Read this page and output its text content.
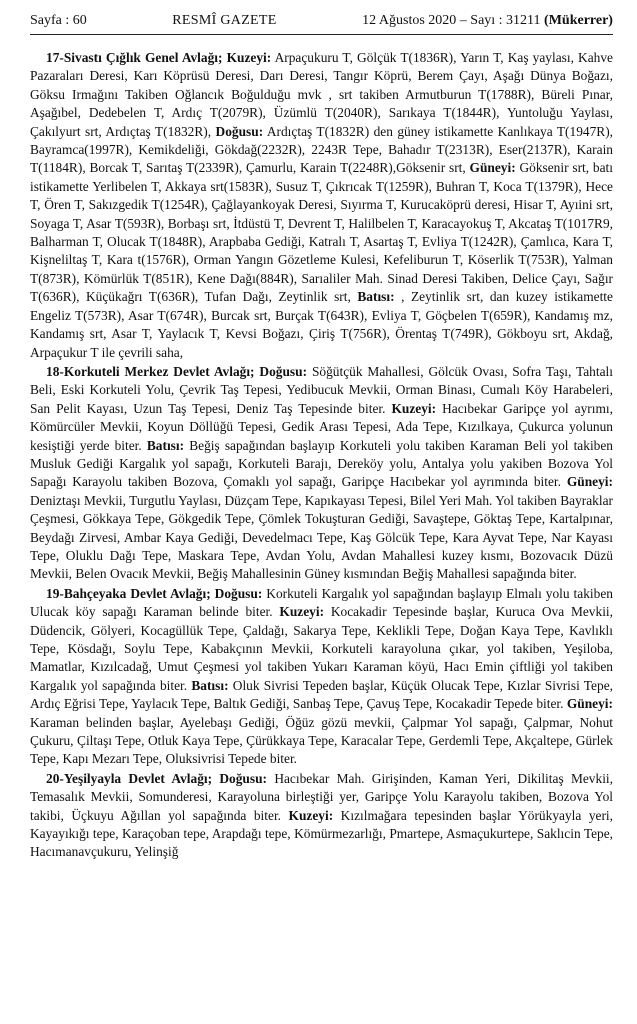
Sayfa : 60	RESMÎ GAZETE	12 Ağustos 2020 – Sayı : 31211 (Mükerrer)

17-Sivastı Çığlık Genel Avlağı; Kuzeyi: Arpaçukuru T, Gölçük T(1836R), Yarın T, Kaş yaylası, Kahve Pazaraları Deresi, Karı Köprüsü Deresi, Darı Deresi, Tangır Köprü, Berem Çayı, Aşağı Dünya Boğazı, Göksu Irmağını Takiben Oğlancık Boğulduğu mvk , srt takiben Armutburun T(1788R), Büreli Pınar, Aşağıbel, Dedebelen T, Ardıç T(2079R), Üzümlü T(2040R), Sarıkaya T(1844R), Yuntoluğu Yaylası, Çakılyurt srt, Ardıçtaş T(1832R), Doğusu: Ardıçtaş T(1832R) den güney istikamette Kanlıkaya T(1947R), Bayramca(1997R), Kemikdeliği, Gökdağ(2232R), 2243R Tepe, Bahadır T(2313R), Eser(2137R), Karain T(1184R), Borcak T, Sarıtaş T(2339R), Çamurlu, Karain T(2248R),Göksenir srt, Güneyi: Göksenir srt, batı istikamette Yerlibelen T, Akkaya srt(1583R), Susuz T, Çıkrıcak T(1259R), Buhran T, Koca T(1379R), Hece T, Ören T, Sakızgedik T(1254R), Çağlayankoyak Deresi, Sıyırma T, Kurucaköprü deresi, Hisar T, Ayıini srt, Soyaga T, Asar T(593R), Borbaşı srt, İtdüstü T, Devrent T, Halilbelen T, Karacayokuş T, Akcataş T(1017R9, Balharman T, Olucak T(1848R), Arapbaba Gediği, Katralı T, Asartaş T, Evliya T(1242R), Çamlıca, Kara T, Kişneliltaş T, Kara t(1576R), Orman Yangın Gözetleme Kulesi, Kefeliburun T, Köserlik T(753R), Yalman T(873R), Kömürlük T(851R), Kene Dağı(884R), Sarıaliler Mah. Sinad Deresi Takiben, Delice Çayı, Sağır T(636R), Küçükağrı T(636R), Tufan Dağı, Zeytinlik srt, Batısı: , Zeytinlik srt, dan kuzey istikamette Engeliz T(573R), Asar T(674R), Burcak srt, Burçak T(643R), Evliya T, Göçbelen T(659R), Kandamış mz, Kandamış srt, Asar T, Yaylacık T, Kevsi Boğazı, Çiriş T(756R), Örentaş T(749R), Gökboyu srt, Akdağ, Arpaçukur T ile çevrili saha,

18-Korkuteli Merkez Devlet Avlağı; Doğusu: Söğütçük Mahallesi, Gölcük Ovası, Sofra Taşı, Tahtalı Beli, Eski Korkuteli Yolu, Çevrik Taş Tepesi, Yedibucuk Mevkii, Orman Binası, Cumalı Köy Harabeleri, San Pelit Kayası, Uzun Taş Tepesi, Deniz Taş Tepesinde biter. Kuzeyi: Hacıbekar Garipçe yol ayrımı, Kömürcüler Mevkii, Koyun Döllüğü Tepesi, Gedik Arası Tepesi, Ada Tepe, Kızılkaya, Çukurca yolunun kesiştiği yerde biter. Batısı: Beğiş sapağından başlayıp Korkuteli yolu takiben Karaman Beli yol takiben Musluk Gediği Kargalık yol sapağı, Korkuteli Barajı, Dereköy yolu, Antalya yolu yakiben Bozova Yol Sapağı Karayolu takiben Bozova, Çomaklı yol sapağı, Garipçe Hacıbekar yol ayrımında biter. Güneyi: Deniztaşı Mevkii, Turgutlu Yaylası, Düzçam Tepe, Kapıkayası Tepesi, Bilel Yeri Mah. Yol takiben Bayraklar Çeşmesi, Gökkaya Tepe, Gökgedik Tepe, Çömlek Tokuşturan Gediği, Savaştepe, Göktaş Tepe, Kartalpınar, Beydağı Zirvesi, Ambar Kaya Gediği, Devedelmacı Tepe, Kaş Gölcük Tepe, Kara Ayvat Tepe, Nar Kayası Tepe, Oluklu Dağı Tepe, Maskara Tepe, Avdan Yolu, Avdan Mahallesi kuzey kısmı, Bozovacık Düzü Mevkii, Belen Ovacık Mevkii, Beğiş Mahallesinin Güney kısmından Beğiş Mahallesi sapağında biter.

19-Bahçeyaka Devlet Avlağı; Doğusu: Korkuteli Kargalık yol sapağından başlayıp Elmalı yolu takiben Ulucak köy sapağı Karaman belinde biter. Kuzeyi: Kocakadir Tepesinde başlar, Kuruca Ova Mevkii, Düdencik, Gölyeri, Kocagüllük Tepe, Çaldağı, Sakarya Tepe, Keklikli Tepe, Doğan Kaya Tepe, Kavlıklı Tepe, Kösdağı, Soylu Tepe, Kabakçının Mevkii, Korkuteli karayoluna çıkar, yol takiben, Yeşiloba, Mamatlar, Kızılcadağ, Umut Çeşmesi yol takiben Yukarı Karaman köyü, Hacı Emin çiftliği yol takiben Kargalık yol sapağında biter. Batısı: Oluk Sivrisi Tepeden başlar, Küçük Olucak Tepe, Kızlar Sivrisi Tepe, Ardıç Eğrisi Tepe, Yaylacık Tepe, Baltık Gediği, Sanbaş Tepe, Çavuş Tepe, Kocakadir Tepede biter. Güneyi: Karaman belinden başlar, Ayelebaşı Gediği, Öğüz gözü mevkii, Çalpmar Yol sapağı, Çalpmar, Nohut Çukuru, Çiltaşı Tepe, Otluk Kaya Tepe, Çürükkaya Tepe, Karacalar Tepe, Gerdemli Tepe, Akçaltepe, Gürlek Tepe, Kapı Mezarı Tepe, Oluksivrisi Tepede biter.

20-Yeşilyayla Devlet Avlağı; Doğusu: Hacıbekar Mah. Girişinden, Kaman Yeri, Dikilitaş Mevkii, Temasalık Mevkii, Somunderesi, Karayoluna birleştiği yer, Garipçe Yolu Karayolu takiben, Bozova Yol takibi, Üçkuyu Ağıllan yol sapağında biter. Kuzeyi: Kızılmağara tepesinden başlar Yörükyayla yeri, Kayayıkığı tepe, Karaçoban tepe, Arapdağı tepe, Kömürmezarlığı, Pmartepe, Asmaçukurtepe, Saklıcin Tepe, Hacımanavçukuru, Yelinşiğ
